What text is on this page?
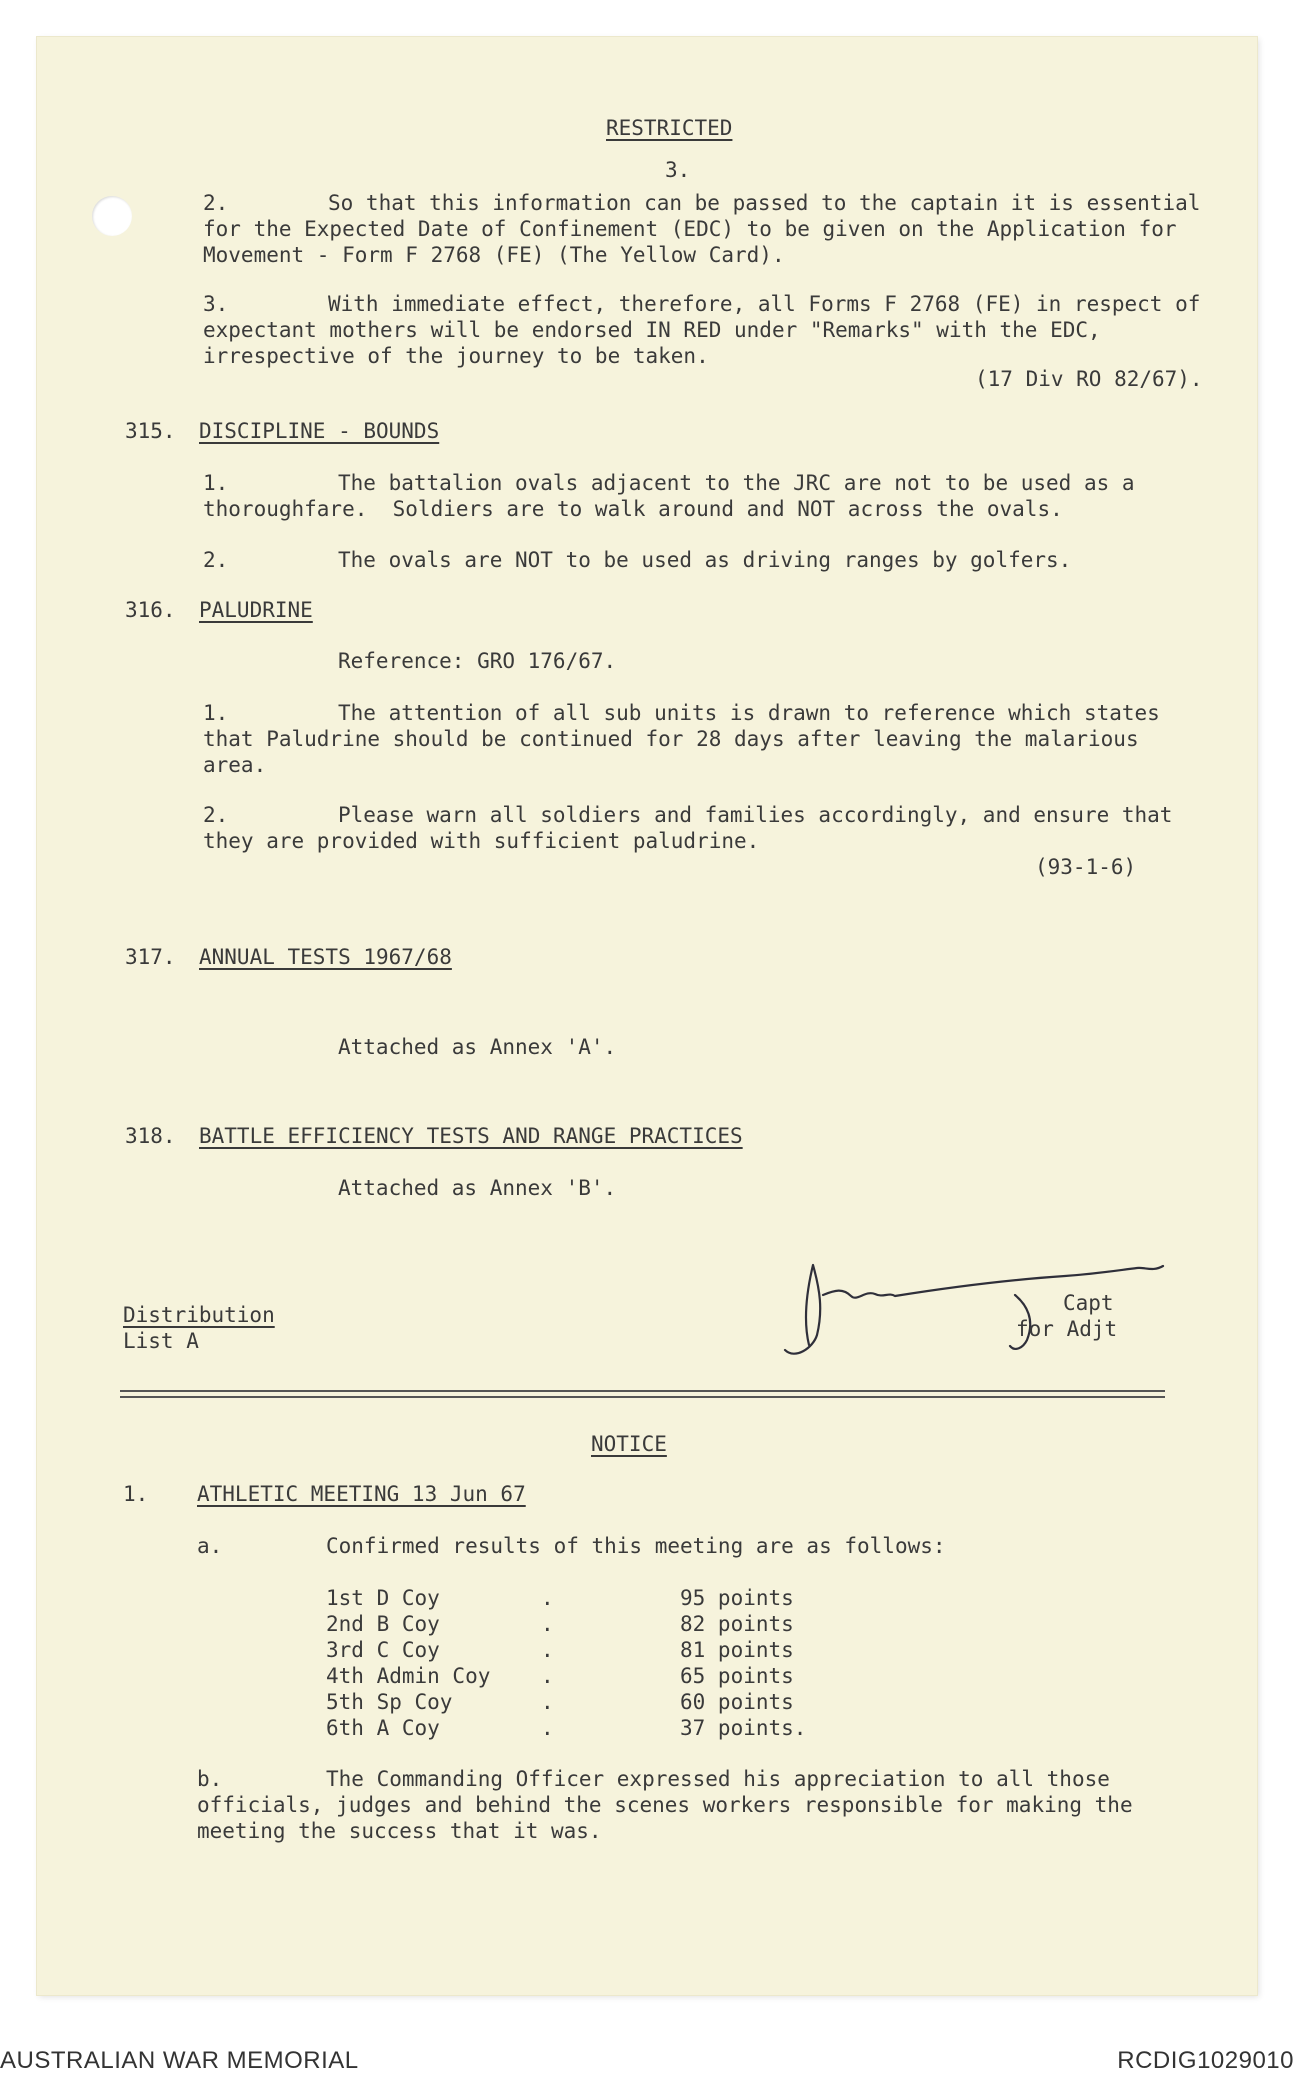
RESTRICTED
3.
2.	So that this information can be passed to the captain it is essential
for the Expected Date of Confinement (EDC) to be given on the Application for
Movement - Form F 2768 (FE) (The Yellow Card).
3.	With immediate effect, therefore, all Forms F 2768 (FE) in respect of
expectant mothers will be endorsed IN RED under "Remarks" with the EDC,
irrespective of the journey to be taken.
(17 Div RO 82/67).
315. DISCIPLINE - BOUNDS
1.	The battalion ovals adjacent to the JRC are not to be used as a
thoroughfare.  Soldiers are to walk around and NOT across the ovals.
2.	The ovals are NOT to be used as driving ranges by golfers.
316. PALUDRINE
Reference: GRO 176/67.
1.	The attention of all sub units is drawn to reference which states
that Paludrine should be continued for 28 days after leaving the malarious
area.
2.	Please warn all soldiers and families accordingly, and ensure that
they are provided with sufficient paludrine.
(93-1-6)
317. ANNUAL TESTS 1967/68
Attached as Annex 'A'.
318. BATTLE EFFICIENCY TESTS AND RANGE PRACTICES
Attached as Annex 'B'.
Distribution
List A
Capt
for Adjt
NOTICE
1. ATHLETIC MEETING 13 Jun 67
a.	Confirmed results of this meeting are as follows:
1st D Coy	.	95 points
2nd B Coy	.	82 points
3rd C Coy	.	81 points
4th Admin Coy .	65 points
5th Sp Coy	.	60 points
6th A Coy	.	37 points.
b.	The Commanding Officer expressed his appreciation to all those
officials, judges and behind the scenes workers responsible for making the
meeting the success that it was.
AUSTRALIAN WAR MEMORIAL	RCDIG1029010
